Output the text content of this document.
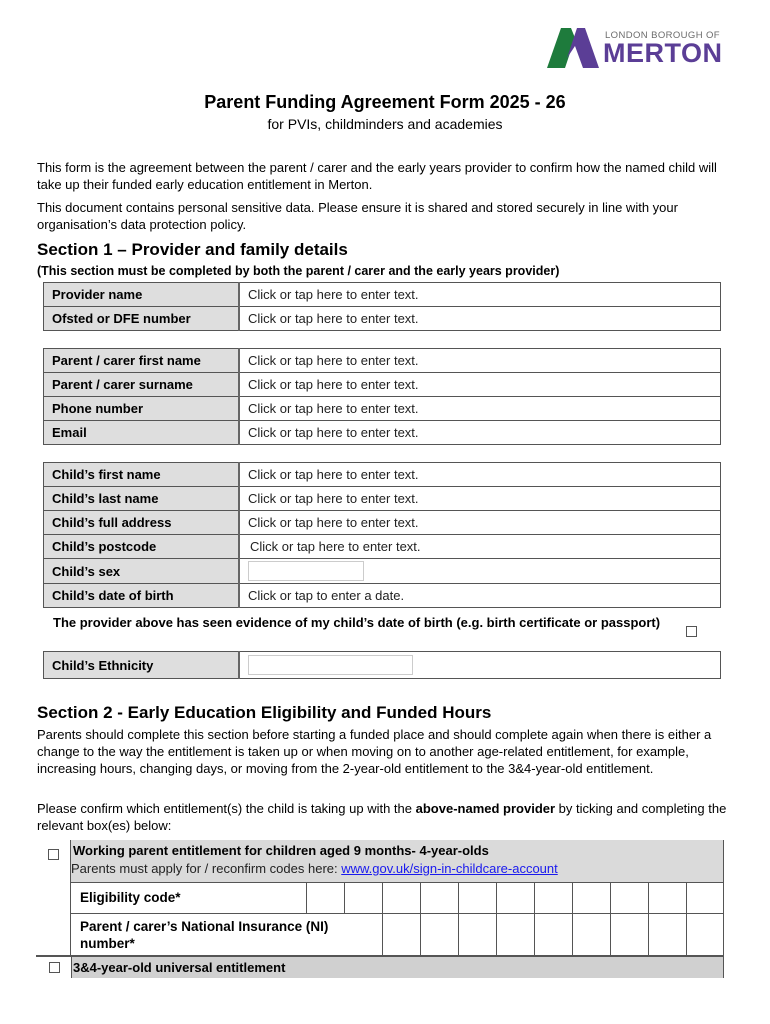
LONDON BOROUGH OF
MERTON
Parent Funding Agreement Form 2025 - 26
for PVIs, childminders and academies
This form is the agreement between the parent / carer and the early years provider to confirm how the named child will take up their funded early education entitlement in Merton.
This document contains personal sensitive data. Please ensure it is shared and stored securely in line with your organisation’s data protection policy.
Section 1 – Provider and family details
(This section must be completed by both the parent / carer and the early years provider)
Provider name	Click or tap here to enter text.
Ofsted or DFE number	Click or tap here to enter text.
Parent / carer first name	Click or tap here to enter text.
Parent / carer surname	Click or tap here to enter text.
Phone number	Click or tap here to enter text.
Email	Click or tap here to enter text.
Child’s first name	Click or tap here to enter text.
Child’s last name	Click or tap here to enter text.
Child’s full address	Click or tap here to enter text.
Child’s postcode	Click or tap here to enter text.
Child’s sex	
Child’s date of birth	Click or tap to enter a date.
The provider above has seen evidence of my child’s date of birth (e.g. birth certificate or passport)
Child’s Ethnicity	
Section 2 - Early Education Eligibility and Funded Hours
Parents should complete this section before starting a funded place and should complete again when there is either a change to the way the entitlement is taken up or when moving on to another age-related entitlement, for example, increasing hours, changing days, or moving from the 2-year-old entitlement to the 3&4-year-old entitlement.
Please confirm which entitlement(s) the child is taking up with the above-named provider by ticking and completing the relevant box(es) below:
Working parent entitlement for children aged 9 months- 4-year-olds
Parents must apply for / reconfirm codes here: www.gov.uk/sign-in-childcare-account
Eligibility code*
Parent / carer’s National Insurance (NI) number*
3&4-year-old universal entitlement
